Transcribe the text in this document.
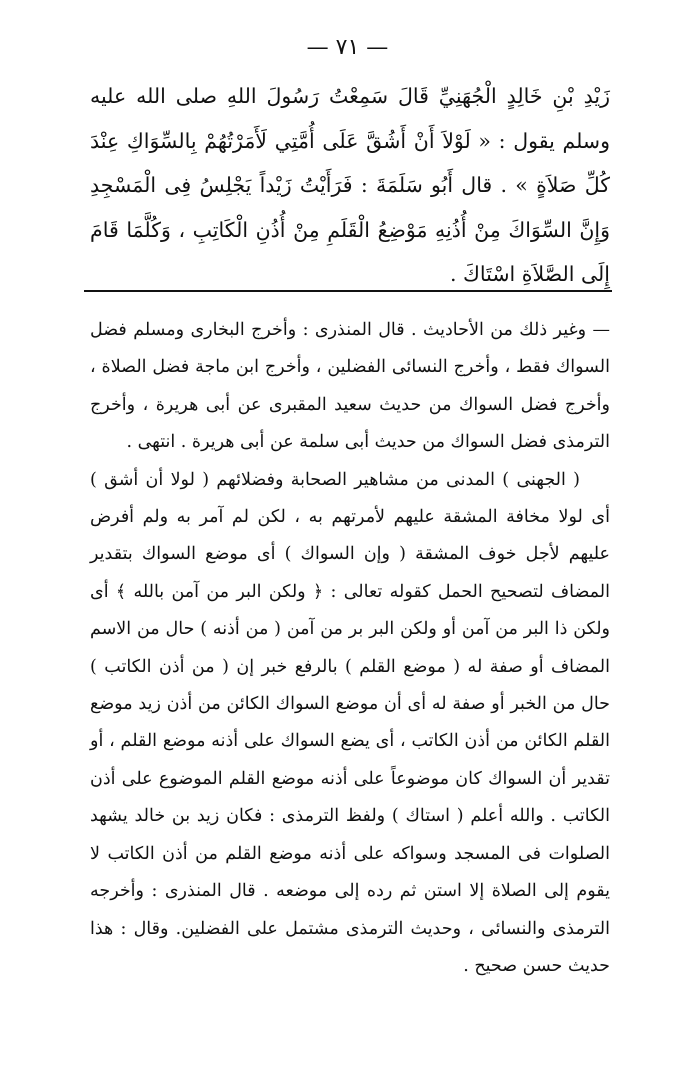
— ٧١ —

زَيْدِ بْنِ خَالِدٍ الْجُهَنِيِّ قَالَ سَمِعْتُ رَسُولَ اللهِ صلى الله عليه وسلم يقول : « لَوْلاَ أَنْ أَشُقَّ عَلَى أُمَّتِي لَأَمَرْتُهُمْ بِالسِّوَاكِ عِنْدَ كُلِّ صَلاَةٍ » . قال أَبُو سَلَمَةَ : فَرَأَيْتُ زَيْداً يَجْلِسُ فِى الْمَسْجِدِ وَإِنَّ السِّوَاكَ مِنْ أُذُنِهِ مَوْضِعُ الْقَلَمِ مِنْ أُذُنِ الْكَاتِبِ ، وَكُلَّمَا قَامَ إِلَى الصَّلاَةِ اسْتَاكَ .

— وغير ذلك من الأحاديث . قال المنذرى : وأخرج البخارى ومسلم فضل السواك فقط ، وأخرج النسائى الفضلين ، وأخرج ابن ماجة فضل الصلاة ، وأخرج فضل السواك من حديث سعيد المقبرى عن أبى هريرة ، وأخرج الترمذى فضل السواك من حديث أبى سلمة عن أبى هريرة . انتهى .

( الجهنى ) المدنى من مشاهير الصحابة وفضلائهم ( لولا أن أشق ) أى لولا مخافة المشقة عليهم لأمرتهم به ، لكن لم آمر به ولم أفرض عليهم لأجل خوف المشقة ( وإن السواك ) أى موضع السواك بتقدير المضاف لتصحيح الحمل كقوله تعالى : ﴿ ولكن البر من آمن بالله ﴾ أى ولكن ذا البر من آمن أو ولكن البر بر من آمن ( من أذنه ) حال من الاسم المضاف أو صفة له ( موضع القلم ) بالرفع خبر إن ( من أذن الكاتب ) حال من الخبر أو صفة له أى أن موضع السواك الكائن من أذن زيد موضع القلم الكائن من أذن الكاتب ، أى يضع السواك على أذنه موضع القلم ، أو تقدير أن السواك كان موضوعاً على أذنه موضع القلم الموضوع على أذن الكاتب . والله أعلم ( استاك ) ولفظ الترمذى : فكان زيد بن خالد يشهد الصلوات فى المسجد وسواكه على أذنه موضع القلم من أذن الكاتب لا يقوم إلى الصلاة إلا استن ثم رده إلى موضعه . قال المنذرى : وأخرجه الترمذى والنسائى ، وحديث الترمذى مشتمل على الفضلين. وقال : هذا حديث حسن صحيح .
